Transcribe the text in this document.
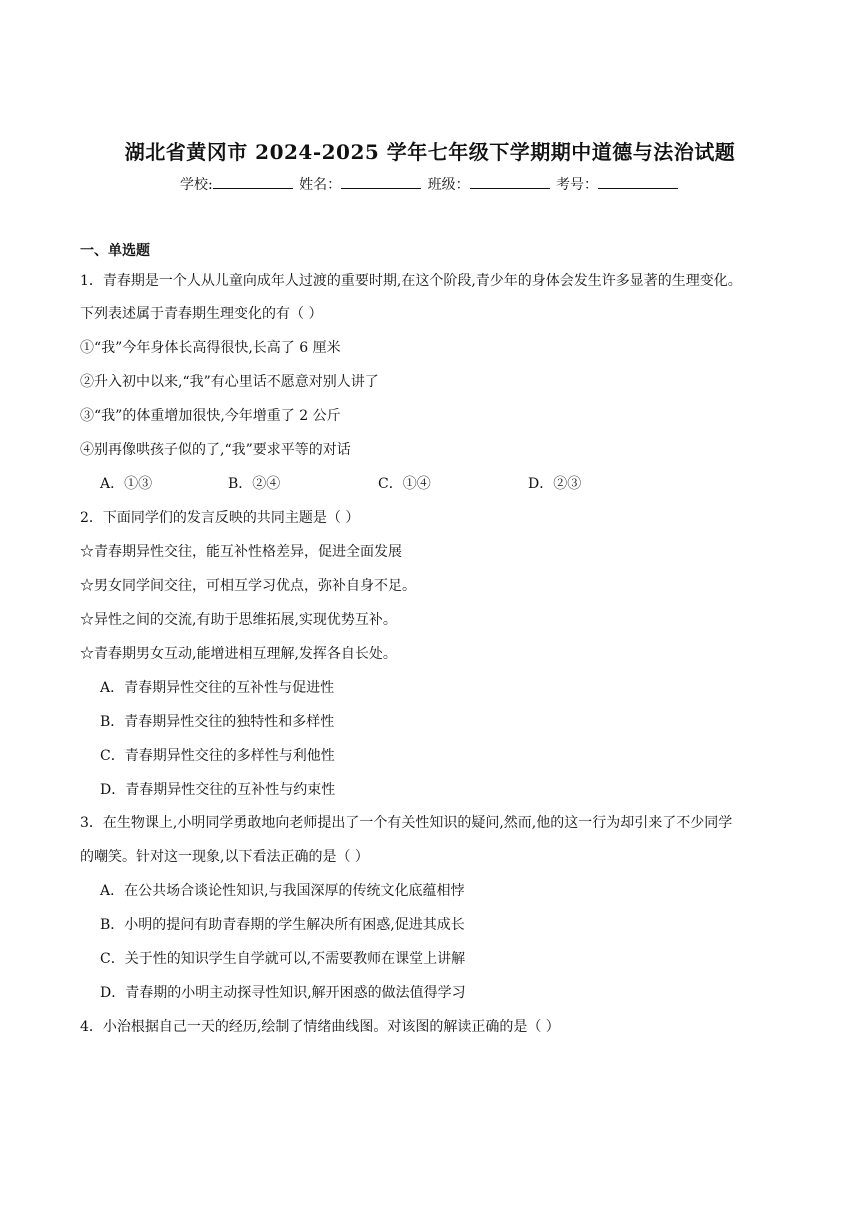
湖北省黄冈市 2024-2025 学年七年级下学期期中道德与法治试题
学校:	姓名：	班级：	考号：
一、单选题
1．青春期是一个人从儿童向成年人过渡的重要时期,在这个阶段,青少年的身体会发生许多显著的生理变化。
下列表述属于青春期生理变化的有（ ）
①“我”今年身体长高得很快,长高了 6 厘米
②升入初中以来,“我”有心里话不愿意对别人讲了
③“我”的体重增加很快,今年增重了 2 公斤
④别再像哄孩子似的了,“我”要求平等的对话
A．①③	B．②④	C．①④	D．②③
2．下面同学们的发言反映的共同主题是（ ）
☆青春期异性交往，能互补性格差异，促进全面发展
☆男女同学间交往，可相互学习优点，弥补自身不足。
☆异性之间的交流,有助于思维拓展,实现优势互补。
☆青春期男女互动,能增进相互理解,发挥各自长处。
A．青春期异性交往的互补性与促进性
B．青春期异性交往的独特性和多样性
C．青春期异性交往的多样性与利他性
D．青春期异性交往的互补性与约束性
3．在生物课上,小明同学勇敢地向老师提出了一个有关性知识的疑问,然而,他的这一行为却引来了不少同学
的嘲笑。针对这一现象,以下看法正确的是（ ）
A．在公共场合谈论性知识,与我国深厚的传统文化底蕴相悖
B．小明的提问有助青春期的学生解决所有困惑,促进其成长
C．关于性的知识学生自学就可以,不需要教师在课堂上讲解
D．青春期的小明主动探寻性知识,解开困惑的做法值得学习
4．小治根据自己一天的经历,绘制了情绪曲线图。对该图的解读正确的是（ ）
